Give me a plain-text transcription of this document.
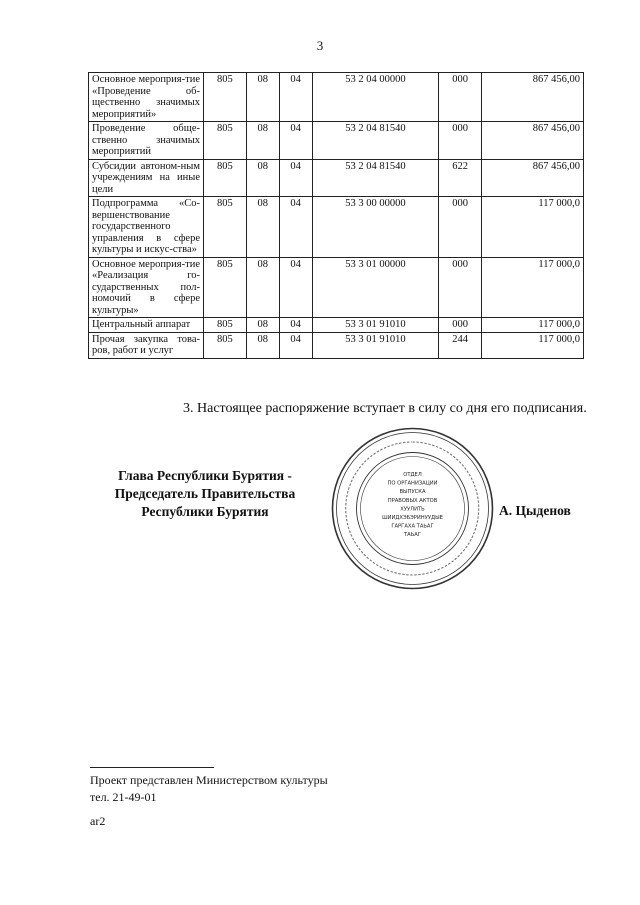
3
Основное мероприя-тие «Проведение об-щественно значимых мероприятий»	805	08	04	53 2 04 00000	000	867 456,00
Проведение обще-ственно значимых мероприятий	805	08	04	53 2 04 81540	000	867 456,00
Субсидии автоном-ным учреждениям на иные цели	805	08	04	53 2 04 81540	622	867 456,00
Подпрограмма «Со-вершенствование государственного управления в сфере культуры и искус-ства»	805	08	04	53 3 00 00000	000	117 000,0
Основное мероприя-тие «Реализация го-сударственных пол-номочий в сфере культуры»	805	08	04	53 3 01 00000	000	117 000,0
Центральный аппарат	805	08	04	53 3 01 91010	000	117 000,0
Прочая закупка това-ров, работ и услуг	805	08	04	53 3 01 91010	244	117 000,0
3. Настоящее распоряжение вступает в силу со дня его подписания.
Глава Республики Бурятия -
Председатель Правительства
Республики Бурятия
ОТДЕЛ
ПО ОРГАНИЗАЦИИ
ВЫПУСКА
ПРАВОВЫХ АКТОВ
ХУУЛИТЬ
ШИИДХЭБЭРИНУУДЫЕ
ГАРГАХА ТАЬАГ
ТАЬАГ
А. Цыденов
Проект представлен Министерством культуры
тел. 21-49-01
ar2
